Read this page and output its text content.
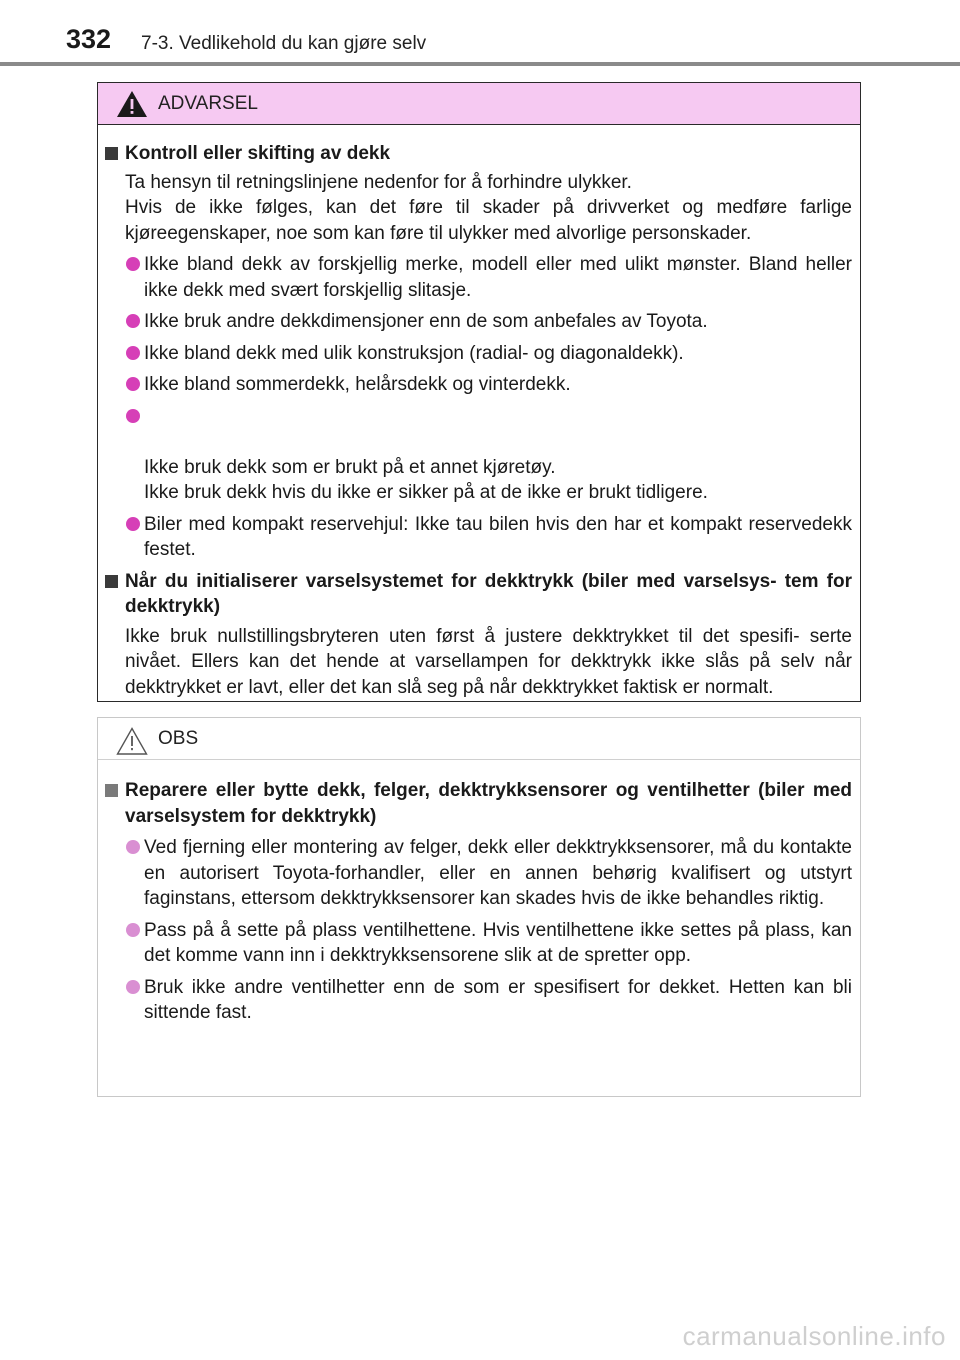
332 7-3. Vedlikehold du kan gjøre selv
ADVARSEL
Kontroll eller skifting av dekk
Ta hensyn til retningslinjene nedenfor for å forhindre ulykker.

Hvis de ikke følges, kan det føre til skader på drivverket og medføre farlige kjøreegenskaper, noe som kan føre til ulykker med alvorlige personskader.
Ikke bland dekk av forskjellig merke, modell eller med ulikt mønster. Bland heller ikke dekk med svært forskjellig slitasje.
Ikke bruk andre dekkdimensjoner enn de som anbefales av Toyota.
Ikke bland dekk med ulik konstruksjon (radial- og diagonaldekk).
Ikke bland sommerdekk, helårsdekk og vinterdekk.

Ikke bruk dekk som er brukt på et annet kjøretøy.
Ikke bruk dekk hvis du ikke er sikker på at de ikke er brukt tidligere.

Biler med kompakt reservehjul: Ikke tau bilen hvis den har et kompakt reservedekk festet.
Når du initialiserer varselsystemet for dekktrykk (biler med varselsys- tem for dekktrykk)
Ikke bruk nullstillingsbryteren uten først å justere dekktrykket til det spesifi- serte nivået. Ellers kan det hende at varsellampen for dekktrykk ikke slås på selv når dekktrykket er lavt, eller det kan slå seg på når dekktrykket faktisk er normalt.
OBS
Reparere eller bytte dekk, felger, dekktrykksensorer og ventilhetter (biler med varselsystem for dekktrykk)
Ved fjerning eller montering av felger, dekk eller dekktrykksensorer, må du kontakte en autorisert Toyota-forhandler, eller en annen behørig kvalifisert og utstyrt faginstans, ettersom dekktrykksensorer kan skades hvis de ikke behandles riktig.
Pass på å sette på plass ventilhettene. Hvis ventilhettene ikke settes på plass, kan det komme vann inn i dekktrykksensorene slik at de spretter opp.
Bruk ikke andre ventilhetter enn de som er spesifisert for dekket. Hetten kan bli sittende fast.
carmanualsonline.info
